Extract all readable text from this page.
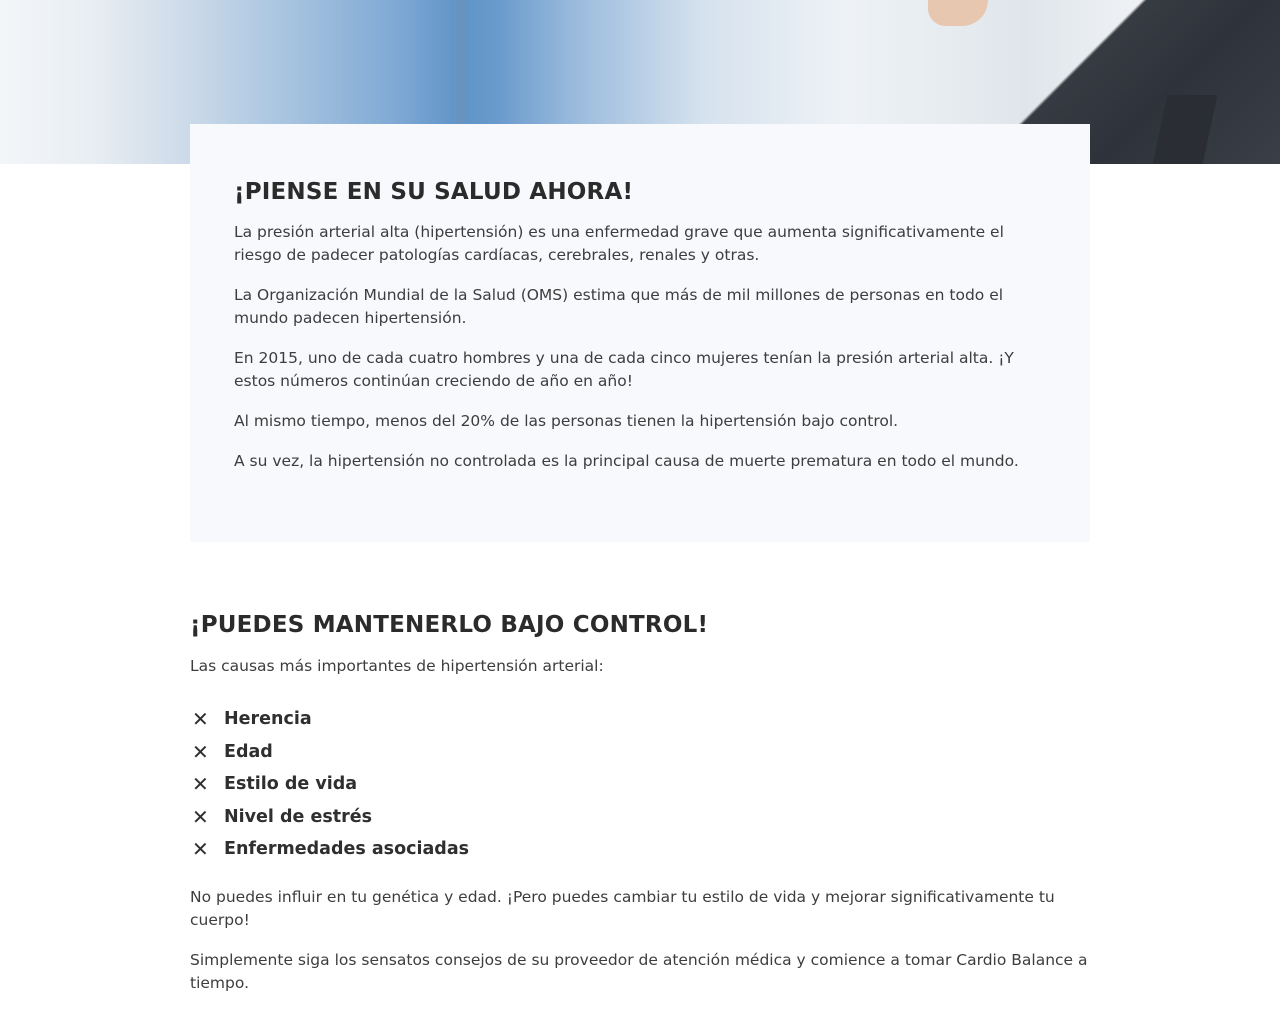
¡PIENSE EN SU SALUD AHORA!

La presión arterial alta (hipertensión) es una enfermedad grave que aumenta significativamente el riesgo de padecer patologías cardíacas, cerebrales, renales y otras.

La Organización Mundial de la Salud (OMS) estima que más de mil millones de personas en todo el mundo padecen hipertensión.

En 2015, uno de cada cuatro hombres y una de cada cinco mujeres tenían la presión arterial alta. ¡Y estos números continúan creciendo de año en año!

Al mismo tiempo, menos del 20% de las personas tienen la hipertensión bajo control.

A su vez, la hipertensión no controlada es la principal causa de muerte prematura en todo el mundo.

¡PUEDES MANTENERLO BAJO CONTROL!

Las causas más importantes de hipertensión arterial:

✕ Herencia
✕ Edad
✕ Estilo de vida
✕ Nivel de estrés
✕ Enfermedades asociadas

No puedes influir en tu genética y edad. ¡Pero puedes cambiar tu estilo de vida y mejorar significativamente tu cuerpo!

Simplemente siga los sensatos consejos de su proveedor de atención médica y comience a tomar Cardio Balance a tiempo.
